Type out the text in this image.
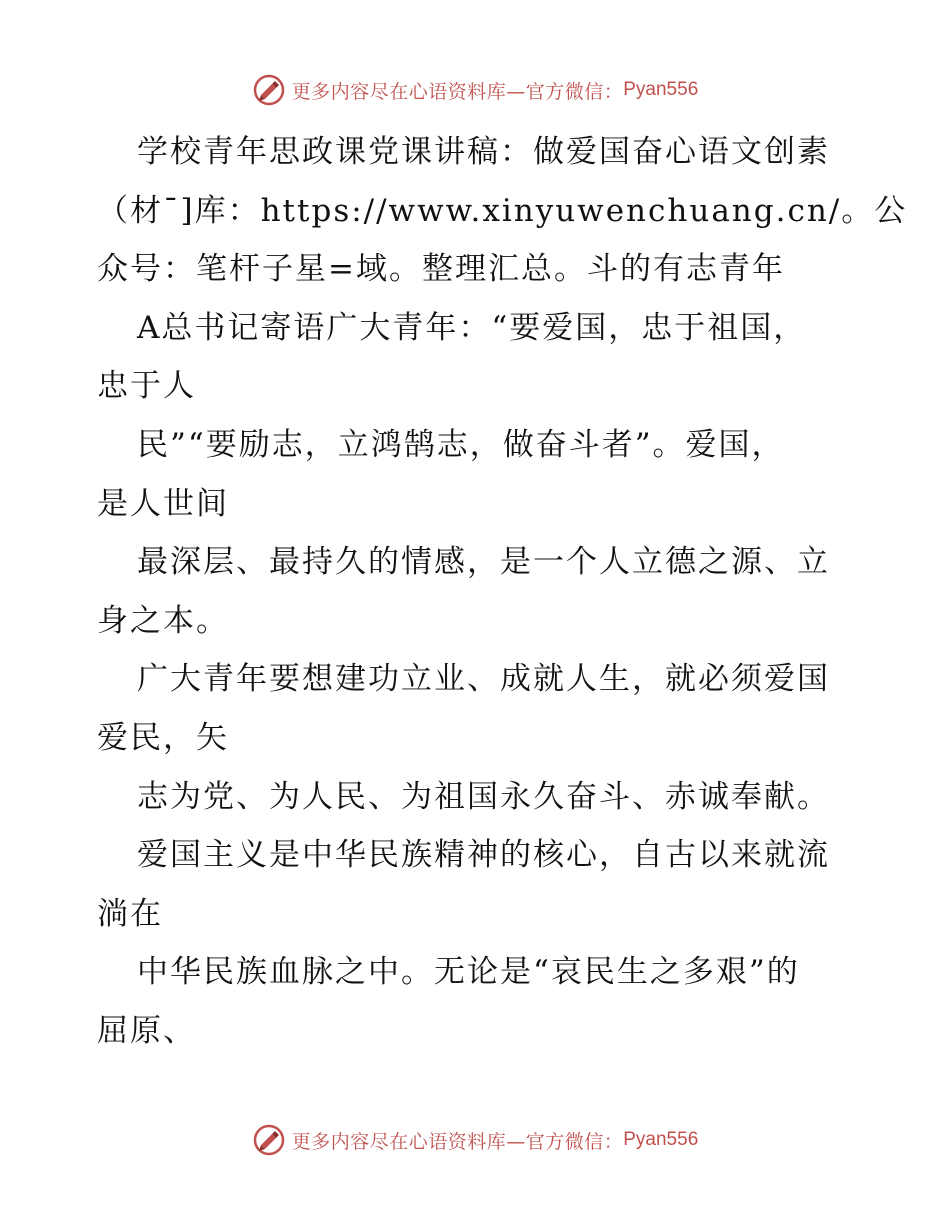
更多内容尽在心语资料库 —官方微信： Pyan556
学校青年思政课党课讲稿：做爱国奋心语文创素
（材¯]库：https://www.xinyuwenchuang.cn/。公
众号：笔杆子星=域。整理汇总。斗的有志青年
A总书记寄语广大青年：“要爱国，忠于祖国，
忠于人
民”“要励志，立鸿鹄志，做奋斗者”。爱国，
是人世间
最深层、最持久的情感，是一个人立德之源、立
身之本。
广大青年要想建功立业、成就人生，就必须爱国
爱民，矢
志为党、为人民、为祖国永久奋斗、赤诚奉献。
爱国主义是中华民族精神的核心，自古以来就流
淌在
中华民族血脉之中。无论是“哀民生之多艰”的
屈原、
更多内容尽在心语资料库 —官方微信： Pyan556
